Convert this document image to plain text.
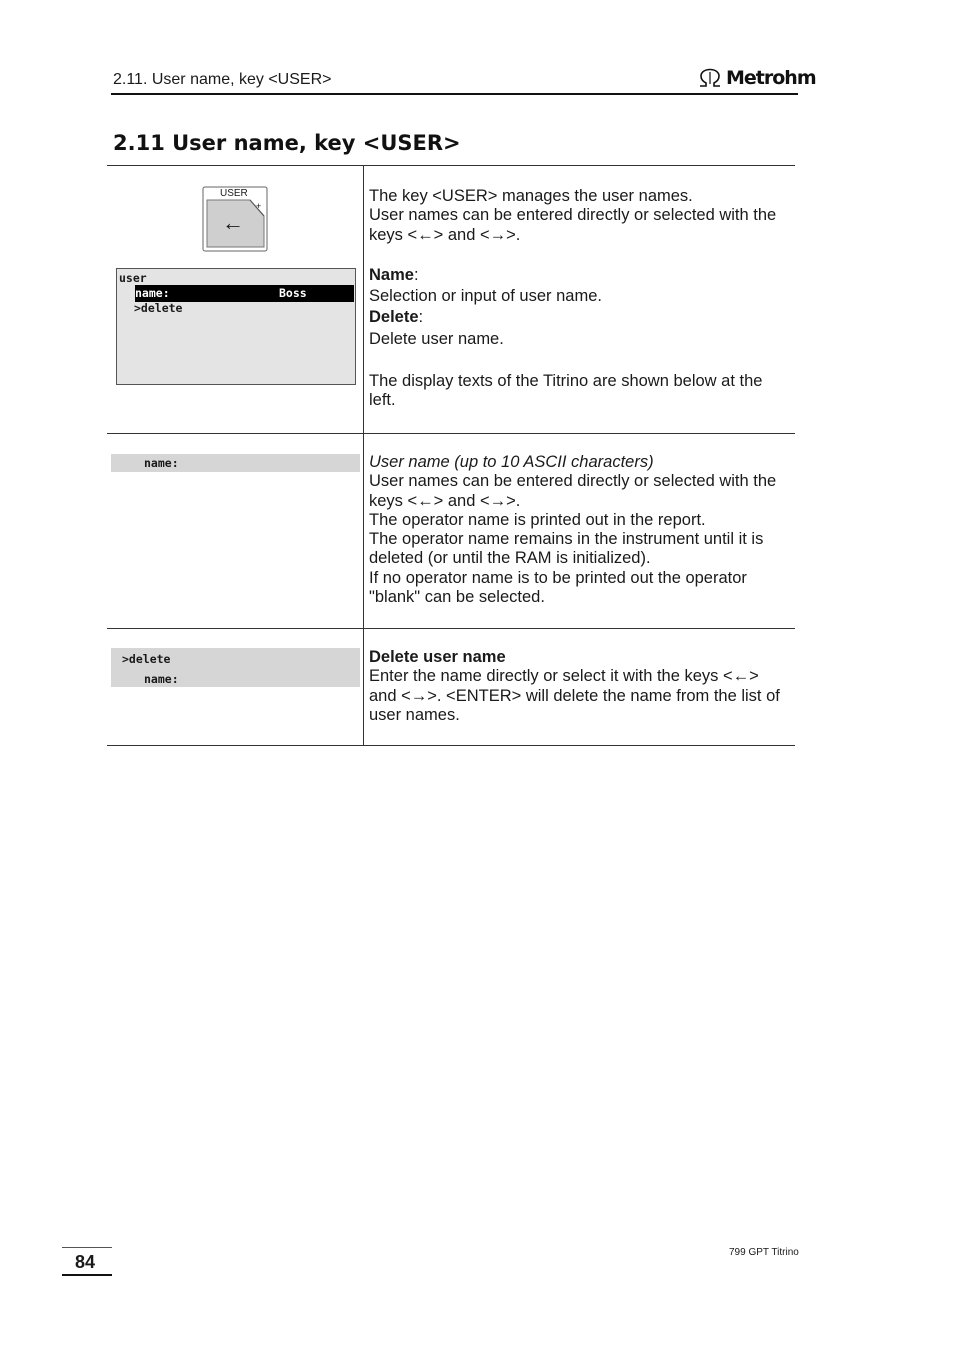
2.11. User name, key <USER>	Metrohm
2.11 User name, key <USER>
USER
+
←
user
name:	Boss
>delete

The key <USER> manages the user names.

User names can be entered directly or selected with the keys <←> and <→>.

Name:

Selection or input of user name.

Delete:

Delete user name.

The display texts of the Titrino are shown below at the left.

name:	User name (up to 10 ASCII characters)

User names can be entered directly or selected with the keys <←> and <→>.

The operator name is printed out in the report.

The operator name remains in the instrument until it is deleted (or until the RAM is initialized).

If no operator name is to be printed out the operator "blank" can be selected.

>delete
name:

Delete user name

Enter the name directly or select it with the keys <←> and <→>. <ENTER> will delete the name from the list of user names.

84	799 GPT Titrino
